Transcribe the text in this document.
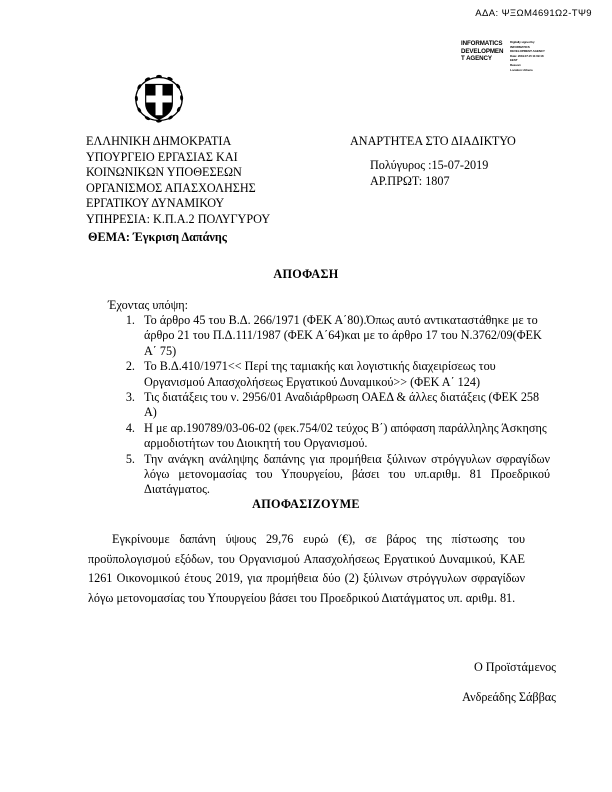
ΑΔΑ: ΨΞΩΜ4691Ω2-ΤΨ9
INFORMATICS
DEVELOPMEN
T AGENCY
Digitally signed by
INFORMATICS
DEVELOPMENT AGENCY
Date: 2019.07.15 11:09:18
EEST
Reason:
Location: Athens
ΕΛΛΗΝΙΚΗ ΔΗΜΟΚΡΑΤΙΑ
ΥΠΟΥΡΓΕΙΟ ΕΡΓΑΣΙΑΣ ΚΑΙ
ΚΟΙΝΩΝΙΚΩΝ ΥΠΟΘΕΣΕΩΝ
ΟΡΓΑΝΙΣΜΟΣ ΑΠΑΣΧΟΛΗΣΗΣ
ΕΡΓΑΤΙΚΟΥ ΔΥΝΑΜΙΚΟΥ
ΥΠΗΡΕΣΙΑ: Κ.Π.Α.2 ΠΟΛΥΓΥΡΟΥ
ΑΝΑΡΤΗΤΕΑ ΣΤΟ ΔΙΑΔΙΚΤΥΟ
Πολύγυρος :15-07-2019
ΑΡ.ΠΡΩΤ: 1807
ΘΕΜΑ: Έγκριση Δαπάνης
ΑΠΟΦΑΣΗ
Έχοντας υπόψη:
1. Το άρθρο 45 του Β.Δ. 266/1971 (ΦΕΚ Α΄80).Όπως αυτό αντικαταστάθηκε με το άρθρο 21 του Π.Δ.111/1987 (ΦΕΚ Α΄64)και με το άρθρο 17 του Ν.3762/09(ΦΕΚ Α΄ 75)
2. Το Β.Δ.410/1971<< Περί της ταμιακής και λογιστικής διαχειρίσεως του Οργανισμού Απασχολήσεως Εργατικού Δυναμικού>> (ΦΕΚ Α΄ 124)
3. Τις διατάξεις του ν. 2956/01 Αναδιάρθρωση ΟΑΕΔ & άλλες διατάξεις (ΦΕΚ 258 Α)
4. Η με αρ.190789/03-06-02 (φεκ.754/02 τεύχος Β΄) απόφαση παράλληλης Άσκησης αρμοδιοτήτων του Διοικητή του Οργανισμού.
5. Την ανάγκη ανάληψης δαπάνης για προμήθεια ξύλινων στρόγγυλων σφραγίδων λόγω μετονομασίας του Υπουργείου, βάσει του υπ.αριθμ. 81 Προεδρικού Διατάγματος.
ΑΠΟΦΑΣΙΖΟΥΜΕ
Εγκρίνουμε δαπάνη ύψους 29,76 ευρώ (€), σε βάρος της πίστωσης του προϋπολογισμού εξόδων, του Οργανισμού Απασχολήσεως Εργατικού Δυναμικού, ΚΑΕ 1261 Οικονομικού έτους 2019, για προμήθεια δύο (2) ξύλινων στρόγγυλων σφραγίδων λόγω μετονομασίας του Υπουργείου βάσει του Προεδρικού Διατάγματος υπ. αριθμ. 81.
Ο Προϊστάμενος
Ανδρεάδης Σάββας
